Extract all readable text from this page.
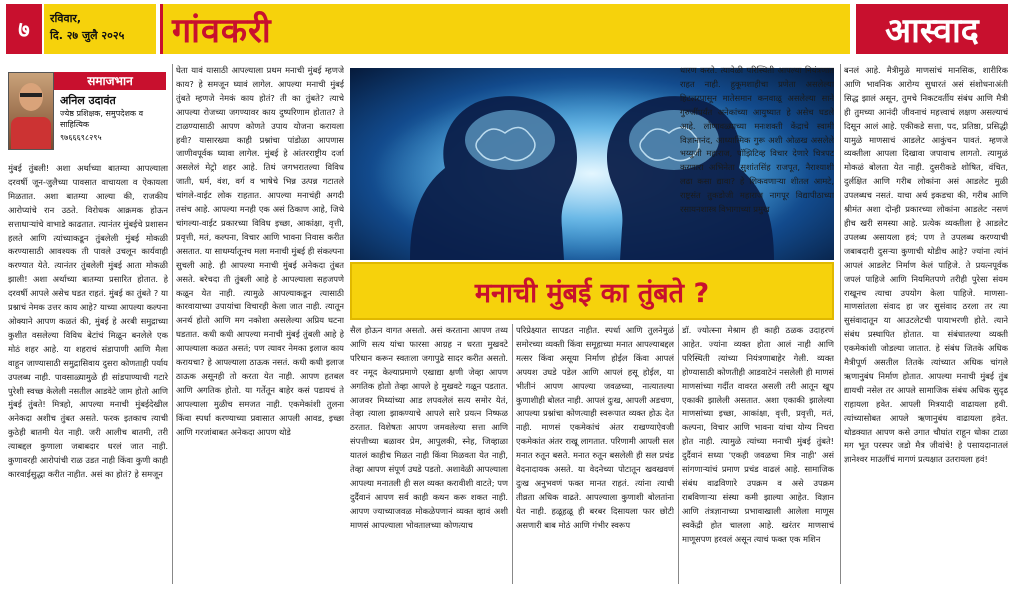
७	रविवार,
दि. २७ जुलै २०२५	गांवकरी	आस्वाद
समाजभान
अनिल उदावंत
ज्येष्ठ प्रशिक्षक, समुपदेशक व साहित्यिक
९७६६६९८२९५

मुंबई तुंबली! अशा अर्थाच्या बातम्या आपल्याला दरवर्षी जून-जुलैच्या पावसात वाचायला व ऐकायला मिळतात. अशा बातम्या आल्या की, राजकीय आरोप्यांचे रान उठते. विरोधक आक्रमक होऊन सत्ताधाऱ्यांचे वाभाडे काढतात. त्यानंतर मुंबईचे प्रशासन हलते आणि त्यांच्याकडून तुंबलेली मुंबई मोकळी करण्यासाठी आवश्यक ती पावले उचलून कार्यवाही करण्यात येते. त्यानंतर तुंबलेली मुंबई आता मोकळी झाली! अशा अर्थाच्या बातम्या प्रसारित होतात. हे दरवर्षी आपले असेच घडत राहतं. मुंबई का तुंबते ? या प्रश्नाचं नेमक उत्तर काय आहे? याच्या आपल्या कल्पना ओक्याने आपण कळतं की, मुंबई हे अरबी समुद्राच्या कुशीत वसलेल्या विविध बेटांचं मिळून बनलेले एक मोठं शहर आहे. या शहराचं संडापाणी आणि मैला वाहून जाण्यासाठी समुद्रासिवाय दुसरा कोणताही पर्याय उपलब्ध नाही. पावसाळ्यामुळे ही सांडपाण्याची गटारे पुरेशी स्वच्छ केलेली नसतील आडवेटे जाम होतो आणि मुंबई तुंबते! मित्रहो, आपल्या मनाची मुंबईदेखील अनेकदा अशीच तुंबत असते. फरक इतकाच त्याची कुठेही बातमी येत नाही. जरी आलीच बातमी, तरी त्याबद्दल कुणाला जबाबदार धरलं जात नाही. कुणावरही आरोपांची राळ उडत नाही किंवा कुणी काही कारवाईसुद्धा करीत नाहीत. असं का होतं? हे समजून

घेता यावं यासाठी आपल्याला प्रथम मनाची मुंबई म्हणजे काय? हे समजून घ्यावं लागेल. आपल्या मनाची मुंबई तुंबते म्हणजे नेमकं काय होतं? ती का तुंबते? त्याचे आपल्या रोजच्या जगण्यावर काय दुष्परिणाम होतात? ते टाळण्यासाठी आपण कोणते उपाय योजना करायला हवी? यासारख्या काही प्रश्नांचा पांडोळा आपणास जाणीवपूर्वक घ्यावा लागेल. मुंबई हे आंतरराष्ट्रीय दर्जा असलेलं मेट्रो शहर आहे. तिथं जगभरातल्या विविध जाती, धर्म, वंश, वर्ग व भाषेचे भिन्न उत्पन्न गटातले चांगले-वाईट लोक राहतात. आपल्या मनाचंही अगदी तसंच आहे. आपल्या मनही एक असं ठिकाण आहे, जिथे चांगल्या-वाईट प्रकारच्या विविध इच्छा, आकांक्षा, वृत्ती, प्रवृत्ती, मतं, कल्पना, विचार आणि भावना निवास करीत असतात. या साधर्म्यातूनच मला मनाची मुंबई ही संकल्पना सुचली आहे. ही आपल्या मनाची मुंबई अनेकदा तुंबत असते. बरेचदा ती तुंबली आहे हे आपल्याला सहजपणे कळून येत नाही. त्यामुळे आपल्याकडून त्यासाठी कारवायाच्या उपायांचा विचारही केला जात नाही. त्यातून अनर्थ होतो आणि मग नकोशा असलेल्या अप्रिय घटना घडतात. कधी कधी आपल्या मनाची मुंबई तुंबली आहे हे आपल्याला कळत असतं; पण त्यावर नेमका इलाज काय करायचा? हे आपल्याला ठाऊक नसतं. कधी कधी इलाज ठाऊक असूनही तो करता येत नाही. आपण हतबल आणि अगतिक होतो. या गर्तेतून बाहेर कसं पडायचं ते आपल्याला मुळीच समजत नाही. एकमेकांशी तुलना किंवा स्पर्धा करण्याच्या प्रवासात आपली आवड, इच्छा आणि गरजांबाबत अनेकदा आपण थोडे

मनाची मुंबई का तुंबते ?

सैल होऊन वागत असतो. असं करताना आपण तथ्य आणि सत्य यांचा फारसा आग्रह न धरता मुखवटे परिधान करून स्वतःला जगापुढे सादर करीत असतो. वर नमूद केल्याप्रमाणे एखाद्या क्षणी जेव्हा आपण अगतिक होतो तेव्हा आपले हे मुखवटे गळून पडतात. आजवर मिथ्यांच्या आड लपवलेलं सत्य समोर येतं, तेव्हा त्याला झाकण्याचे आपले सारे प्रयत्न निष्फळ ठरतात. विशेषतः आपण जमवलेल्या सत्ता आणि संपत्तीच्या बळावर प्रेम, आपुलकी, स्नेह, जिव्हाळा यातलं काहीच मिळत नाही किंवा मिळवता येत नाही, तेव्हा आपण संपूर्ण उघडे पडतो. अशावेळी आपल्याला आपल्या मनातली ही सल व्यक्त करावीशी वाटते; पण दुर्दैवानं आपण सर्व काही कथन करू शकत नाही. आपण ज्याच्याजवळ मोकळेपणानं व्यक्त व्हावं अशी माणसं आपल्याला भोवतालच्या कोणत्याच

परिप्रेक्ष्यात सापडत नाहीत. स्पर्धा आणि तुलनेमुळं समोरच्या व्यक्ती किंवा समूहाच्या मनात आपल्याबद्दल मत्सर किंवा असूया निर्माण होईल किंवा आपलं अपयश उघडे पडेल आणि आपलं हसू होईल, या भीतीनं आपण आपल्या जवळच्या, नात्यातल्या कुणाशीही बोलत नाही. आपलं दुःख, आपली अडचण, आपल्या प्रश्नांचा कोणत्याही स्वरूपात व्यक्त होऊ देत नाही. माणसं एकमेकांचं अंतर राखण्याऐवजी एकमेकांत अंतर राखू लागतात. परिणामी आपली सल मनात रुतून बसते. मनात रुतून बसलेली ही सल प्रचंड वेदनादायक असते. या वेदनेच्या पोटातून खवखवणं दुःख अनुभवणं फक्त मानत राहतं. त्यांना त्याची तीव्रता अधिक वाढते. आपल्याला कुणाशी बोलतांना येत नाही. हळूहळू ही बरबर दिसायला फार छोटी असणारी बाब मोठं आणि गंभीर स्वरूप

धारण करते. त्यावेळी परिस्थिती आपल्या नियंत्रणात राहत नाही. हुकूमशाहीचा प्रणेता असलेल्या हिटलरपासून मातेसमान कनवाळू असलेल्या साने गुरुजींपर्यंत अनेकांच्या आयुष्यात हे असेच घडले आहे. लोणावळ्याच्या मनःशक्ती केंद्राचे स्वामी विज्ञानानंद, आध्यात्मिक गुरू अशी ओळख असलेले भय्युजी महाराज, पॉझिटिव्ह विचार देणारे चित्रपट करणारा अभिनेता सुशांतसिंह राजपूत, नैराश्याशी लढा कसा द्यावा? हे शिकवणाऱ्या शीतल आमटे, राष्ट्रसंत तुकडोजी महाराज नागपूर विद्यापीठाच्या रसायनशास्त्र विभागाच्या प्रमुख

डॉ. ज्योत्स्ना मेश्राम ही काही ठळक उदाहरणं आहेत. ज्यांना व्यक्त होता आलं नाही आणि परिस्थिती त्यांच्या नियंत्रणाबाहेर गेली. व्यक्त होण्यासाठी कोणतीही आडवाटेनं नसलेली ही माणसं माणसांच्या गर्दीत वावरत असली तरी आतून खूप एकाकी झालेली असतात. अशा एकाकी झालेल्या माणसांच्या इच्छा, आकांक्षा, वृत्ती, प्रवृत्ती, मतं, कल्पना, विचार आणि भावना यांचा योग्य निचरा होत नाही. त्यामुळे त्यांच्या मनाची मुंबई तुंबते! दुर्दैवानं सध्या 'एकही जवळचा मित्र नाही' असं सांगणाऱ्यांचं प्रमाण प्रचंड वाढलं आहे. सामाजिक संबंध वाढविणारे उपक्रम व असे उपक्रम राबविणाऱ्या संस्था कमी झाल्या आहेत. विज्ञान आणि तंत्रज्ञानाच्या प्रभावाखाली आलेला माणूस स्वकेंद्री होत चालला आहे. खरंतर माणसाचं माणूसपण हरवलं असून त्याचं फक्त एक मशिन

बनलं आहे. मैत्रीमुळे माणसांचं मानसिक, शारीरिक आणि भावनिक आरोग्य सुधारतं असं संशोधनाअंती सिद्ध झालं असून, तुमचे निकटवर्तीय संबंध आणि मैत्री ही तुमच्या आनंदी जीवनाचं महत्त्वाचं लक्षण असल्याचं दिसून आलं आहे. एकीकडे सत्ता, पद, प्रतिष्ठा, प्रसिद्धी यामुळे माणसाचं आडलेट आकुंचन पावतं. म्हणजे व्यक्तीला आपला दिखावा जपावाच लागतो. त्यामुळं मोकळं बोलता येत नाही. दुसरीकडे शोषित, वंचित, दुर्लक्षित आणि गरीब लोकांना असं आडलेट मुळी उपलब्धच नसतं. याचा अर्थ इकडचा की, गरीब आणि श्रीमंत अशा दोन्ही प्रकारच्या लोकांना आडलेट नसणं हीच खरी समस्या आहे. प्रत्येक व्यक्तीला हे आडलेट उपलब्ध असायला हवं; पण ते उपलब्ध करण्याची जबाबदारी दुसऱ्या कुणाची थोडीच आहे? ज्यांना त्यांनं आपलं आडलेट निर्माण केलं पाहिजे. ते प्रयत्नपूर्वक जपलं पाहिजे आणि नियमितपणे तरीही पुरेसा संयम राखूनच त्याचा उपयोग केला पाहिजे. माणसा-माणसांतला संवाद हा जर सुसंवाद ठरला तर त्या सुसंवादातून या आउटलेटची पायाभरणी होते. त्याने संबंध प्रस्थापित होतात. या संबंधातल्या व्यक्ती एकमेकांशी जोडल्या जातात. हे संबंध जितके अधिक मैत्रीपूर्ण असतील तितके त्यांच्यात अधिक चांगले ऋणानुबंध निर्माण होतात. आपल्या मनाची मुंबई तुंब द्यायची नसेल तर आपले सामाजिक संबंध अधिक सुदृढ राहायला हवेत. आपली मित्रयादी वाढायला हवी. त्यांच्यासोबत आपले ऋणानुबंध वाढायला हवेत. थोडक्यात आपण कसे उगात चौघांत राहून धोका टाळा मग भूत परस्पर जडो मैत्र जीवांचे! हे पसायदानातलं ज्ञानेश्वर माउलींचं मागणं प्रत्यक्षात उतरायला हवं!
